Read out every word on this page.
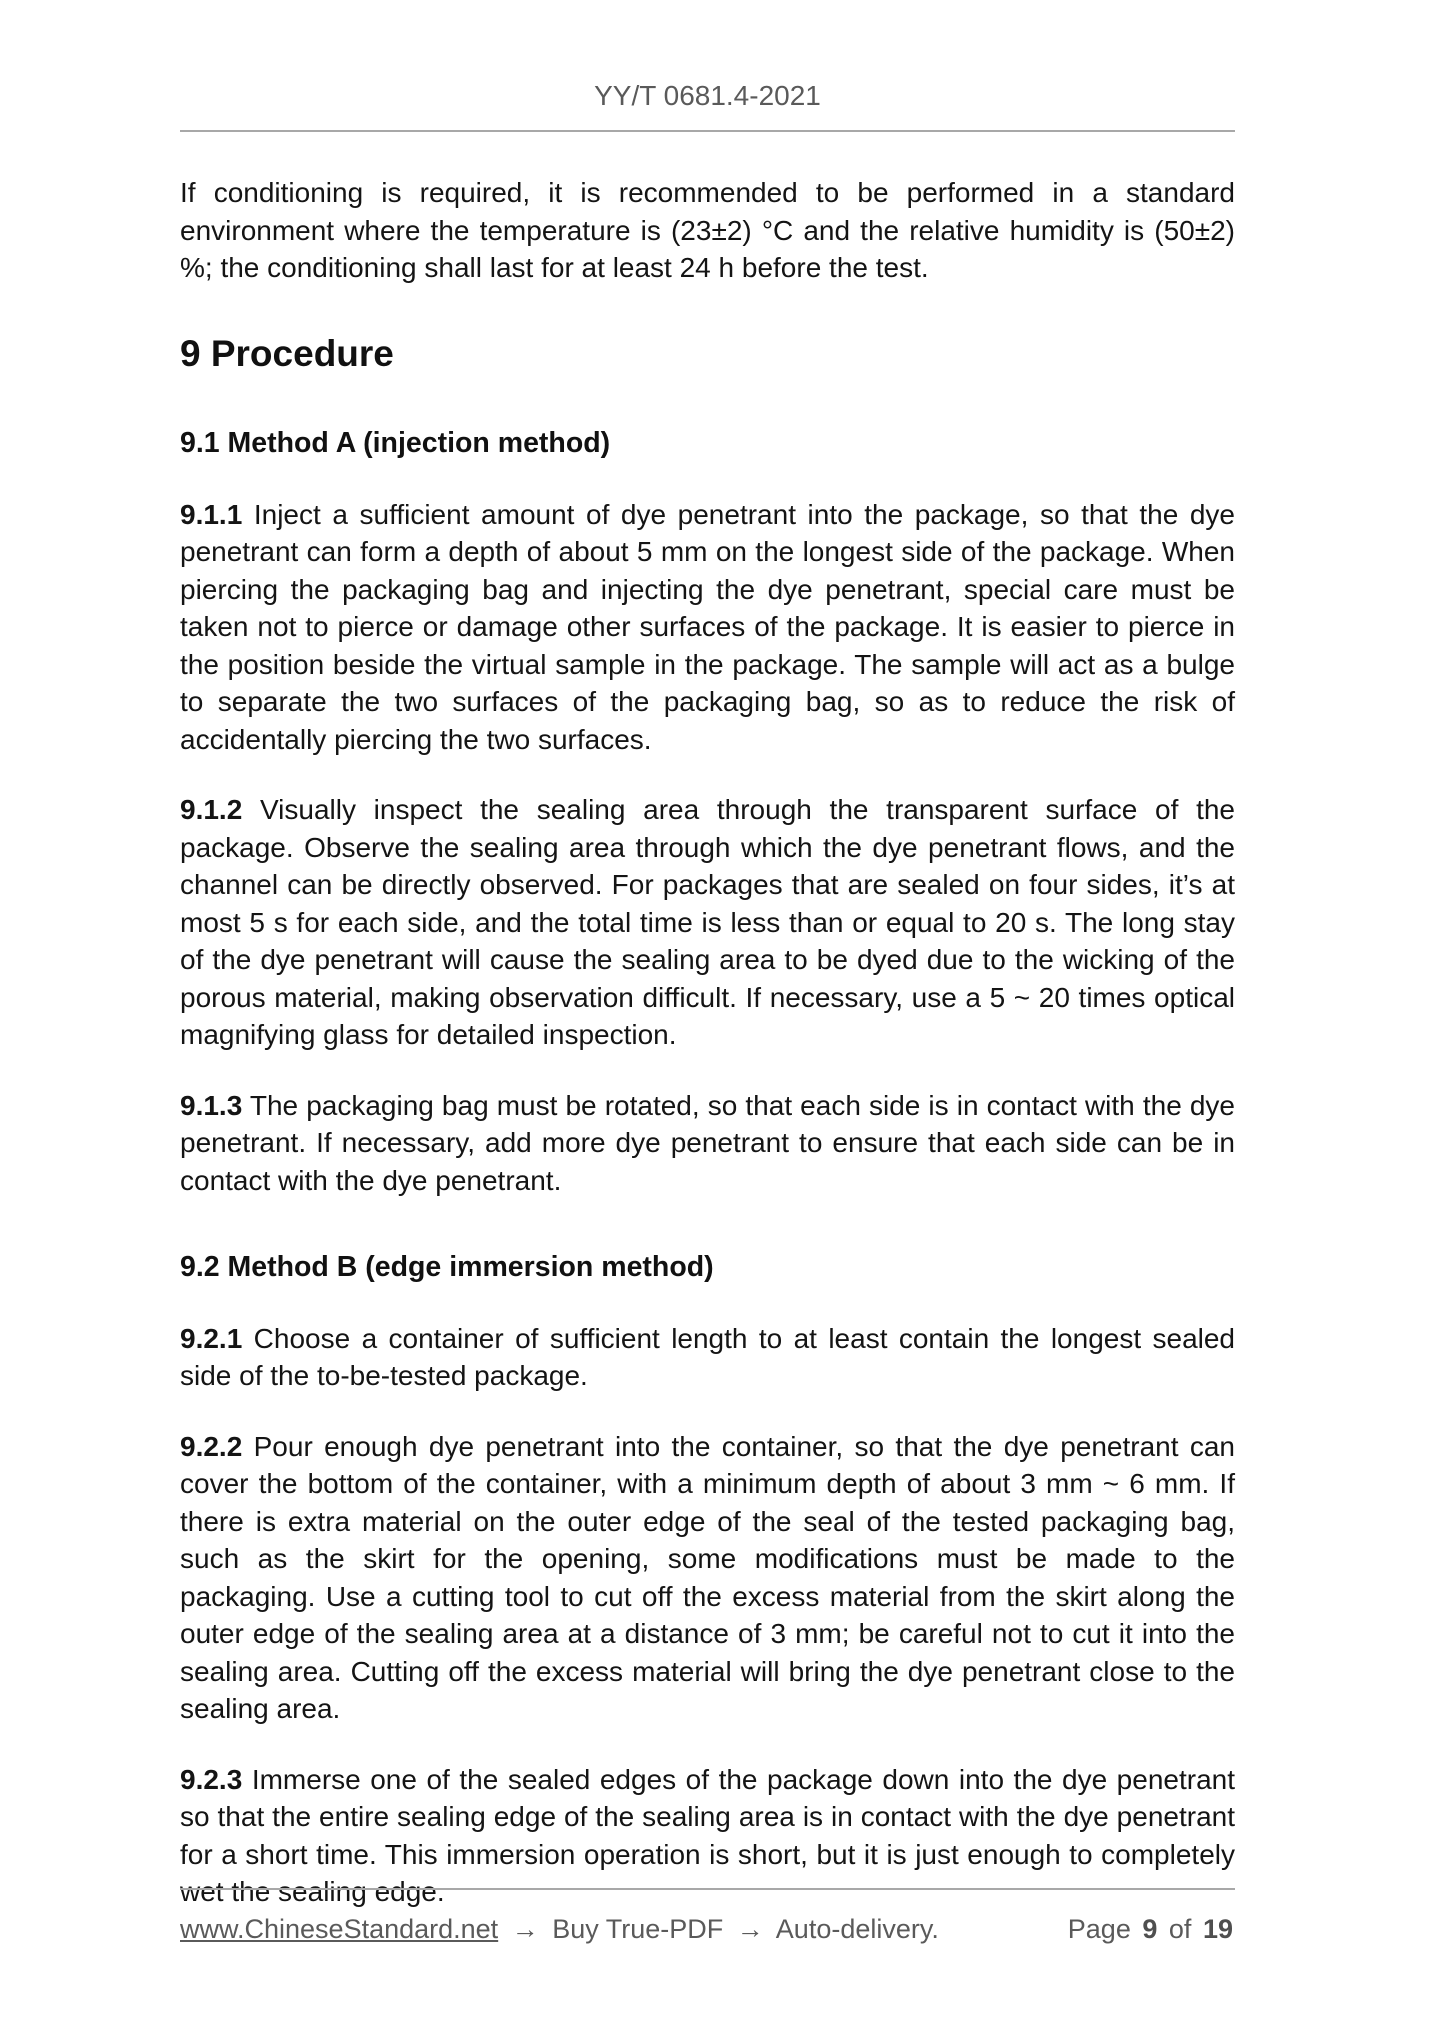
YY/T 0681.4-2021

If conditioning is required, it is recommended to be performed in a standard environment where the temperature is (23±2) °C and the relative humidity is (50±2) %; the conditioning shall last for at least 24 h before the test.

9 Procedure
9.1 Method A (injection method)

9.1.1 Inject a sufficient amount of dye penetrant into the package, so that the dye penetrant can form a depth of about 5 mm on the longest side of the package. When piercing the packaging bag and injecting the dye penetrant, special care must be taken not to pierce or damage other surfaces of the package. It is easier to pierce in the position beside the virtual sample in the package. The sample will act as a bulge to separate the two surfaces of the packaging bag, so as to reduce the risk of accidentally piercing the two surfaces.

9.1.2 Visually inspect the sealing area through the transparent surface of the package. Observe the sealing area through which the dye penetrant flows, and the channel can be directly observed. For packages that are sealed on four sides, it’s at most 5 s for each side, and the total time is less than or equal to 20 s. The long stay of the dye penetrant will cause the sealing area to be dyed due to the wicking of the porous material, making observation difficult. If necessary, use a 5 ~ 20 times optical magnifying glass for detailed inspection.

9.1.3 The packaging bag must be rotated, so that each side is in contact with the dye penetrant. If necessary, add more dye penetrant to ensure that each side can be in contact with the dye penetrant.

9.2 Method B (edge immersion method)

9.2.1 Choose a container of sufficient length to at least contain the longest sealed side of the to-be-tested package.

9.2.2 Pour enough dye penetrant into the container, so that the dye penetrant can cover the bottom of the container, with a minimum depth of about 3 mm ~ 6 mm. If there is extra material on the outer edge of the seal of the tested packaging bag, such as the skirt for the opening, some modifications must be made to the packaging. Use a cutting tool to cut off the excess material from the skirt along the outer edge of the sealing area at a distance of 3 mm; be careful not to cut it into the sealing area. Cutting off the excess material will bring the dye penetrant close to the sealing area.

9.2.3 Immerse one of the sealed edges of the package down into the dye penetrant so that the entire sealing edge of the sealing area is in contact with the dye penetrant for a short time. This immersion operation is short, but it is just enough to completely wet the sealing edge.

www.ChineseStandard.net → Buy True-PDF → Auto-delivery.	Page 9 of 19
